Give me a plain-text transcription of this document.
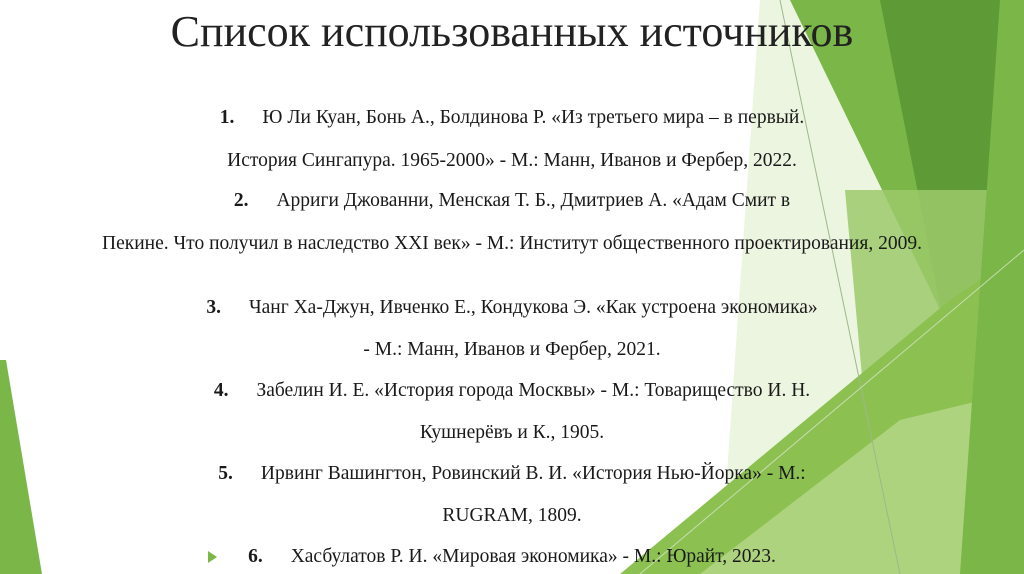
Список использованных источников
1. Ю Ли Куан, Бонь А., Болдинова Р. «Из третьего мира – в первый.
История Сингапура. 1965-2000» - М.: Манн, Иванов и Фербер, 2022.
2. Арриги Джованни, Менская Т. Б., Дмитриев А. «Адам Смит в
Пекине. Что получил в наследство XXI век» - М.: Институт общественного проектирования, 2009.
3. Чанг Ха-Джун, Ивченко Е., Кондукова Э. «Как устроена экономика»
- М.: Манн, Иванов и Фербер, 2021.
4. Забелин И. Е. «История города Москвы» - М.: Товарищество И. Н.
Кушнерёвъ и К., 1905.
5. Ирвинг Вашингтон, Ровинский В. И. «История Нью-Йорка» - М.:
RUGRAM, 1809.
6. Хасбулатов Р. И. «Мировая экономика» - М.: Юрайт, 2023.
